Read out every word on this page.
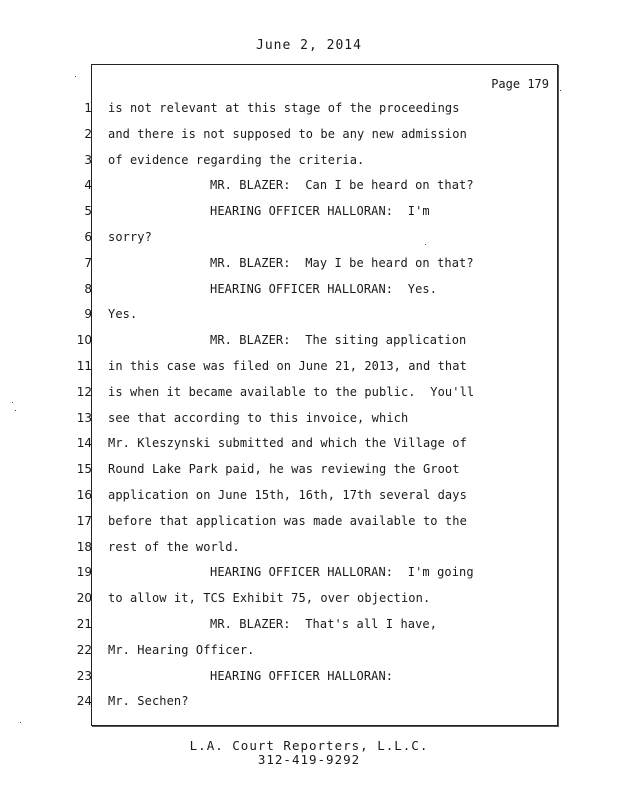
June 2, 2014
Page 179
1 is not relevant at this stage of the proceedings
2 and there is not supposed to be any new admission
3 of evidence regarding the criteria.
4	MR. BLAZER:  Can I be heard on that?
5	HEARING OFFICER HALLORAN:  I'm
6 sorry?
7	MR. BLAZER:  May I be heard on that?
8	HEARING OFFICER HALLORAN:  Yes.
9 Yes.
10	MR. BLAZER:  The siting application
11 in this case was filed on June 21, 2013, and that
12 is when it became available to the public.  You'll
13 see that according to this invoice, which
14 Mr. Kleszynski submitted and which the Village of
15 Round Lake Park paid, he was reviewing the Groot
16 application on June 15th, 16th, 17th several days
17 before that application was made available to the
18 rest of the world.
19	HEARING OFFICER HALLORAN:  I'm going
20 to allow it, TCS Exhibit 75, over objection.
21	MR. BLAZER:  That's all I have,
22 Mr. Hearing Officer.
23	HEARING OFFICER HALLORAN:
24 Mr. Sechen?
L.A. Court Reporters, L.L.C.
312-419-9292
